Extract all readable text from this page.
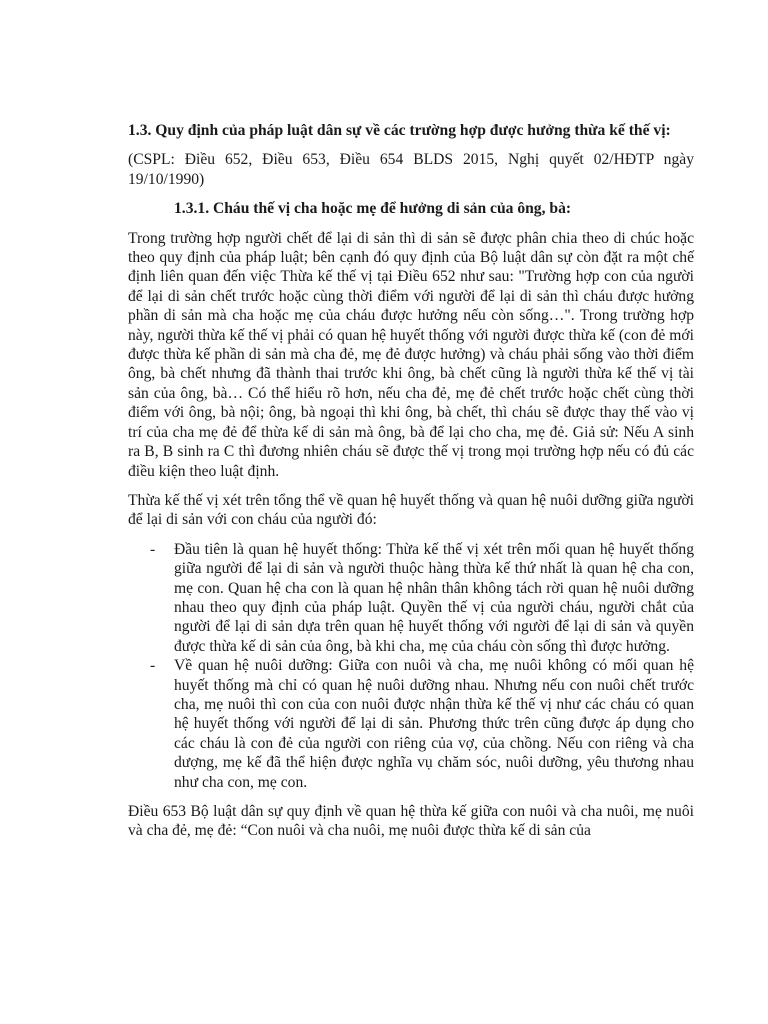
1.3. Quy định của pháp luật dân sự về các trường hợp được hưởng thừa kế thế vị:
(CSPL: Điều 652, Điều 653, Điều 654 BLDS 2015, Nghị quyết 02/HĐTP ngày 19/10/1990)
1.3.1. Cháu thế vị cha hoặc mẹ để hưởng di sản của ông, bà:
Trong trường hợp người chết để lại di sản thì di sản sẽ được phân chia theo di chúc hoặc theo quy định của pháp luật; bên cạnh đó quy định của Bộ luật dân sự còn đặt ra một chế định liên quan đến việc Thừa kế thế vị tại Điều 652 như sau: "Trường hợp con của người để lại di sản chết trước hoặc cùng thời điểm với người để lại di sản thì cháu được hưởng phần di sản mà cha hoặc mẹ của cháu được hưởng nếu còn sống…". Trong trường hợp này, người thừa kế thế vị phải có quan hệ huyết thống với người được thừa kế (con đẻ mới được thừa kế phần di sản mà cha đẻ, mẹ đẻ được hưởng) và cháu phải sống vào thời điểm ông, bà chết nhưng đã thành thai trước khi ông, bà chết cũng là người thừa kế thế vị tài sản của ông, bà… Có thể hiểu rõ hơn, nếu cha đẻ, mẹ đẻ chết trước hoặc chết cùng thời điểm với ông, bà nội; ông, bà ngoại thì khi ông, bà chết, thì cháu sẽ được thay thế vào vị trí của cha mẹ đẻ để thừa kế di sản mà ông, bà để lại cho cha, mẹ đẻ. Giả sử: Nếu A sinh ra B, B sinh ra C thì đương nhiên cháu sẽ được thế vị trong mọi trường hợp nếu có đủ các điều kiện theo luật định.
Thừa kế thế vị xét trên tổng thể về quan hệ huyết thống và quan hệ nuôi dưỡng giữa người để lại di sản với con cháu của người đó:
-	Đầu tiên là quan hệ huyết thống: Thừa kế thế vị xét trên mối quan hệ huyết thống giữa người để lại di sản và người thuộc hàng thừa kế thứ nhất là quan hệ cha con, mẹ con. Quan hệ cha con là quan hệ nhân thân không tách rời quan hệ nuôi dưỡng nhau theo quy định của pháp luật. Quyền thế vị của người cháu, người chắt của người để lại di sản dựa trên quan hệ huyết thống với người để lại di sản và quyền được thừa kế di sản của ông, bà khi cha, mẹ của cháu còn sống thì được hưởng.
-	Về quan hệ nuôi dưỡng: Giữa con nuôi và cha, mẹ nuôi không có mối quan hệ huyết thống mà chỉ có quan hệ nuôi dưỡng nhau. Nhưng nếu con nuôi chết trước cha, mẹ nuôi thì con của con nuôi được nhận thừa kế thế vị như các cháu có quan hệ huyết thống với người để lại di sản. Phương thức trên cũng được áp dụng cho các cháu là con đẻ của người con riêng của vợ, của chồng. Nếu con riêng và cha dượng, mẹ kế đã thể hiện được nghĩa vụ chăm sóc, nuôi dưỡng, yêu thương nhau như cha con, mẹ con.
Điều 653 Bộ luật dân sự quy định về quan hệ thừa kế giữa con nuôi và cha nuôi, mẹ nuôi và cha đẻ, mẹ đẻ: “Con nuôi và cha nuôi, mẹ nuôi được thừa kế di sản của
